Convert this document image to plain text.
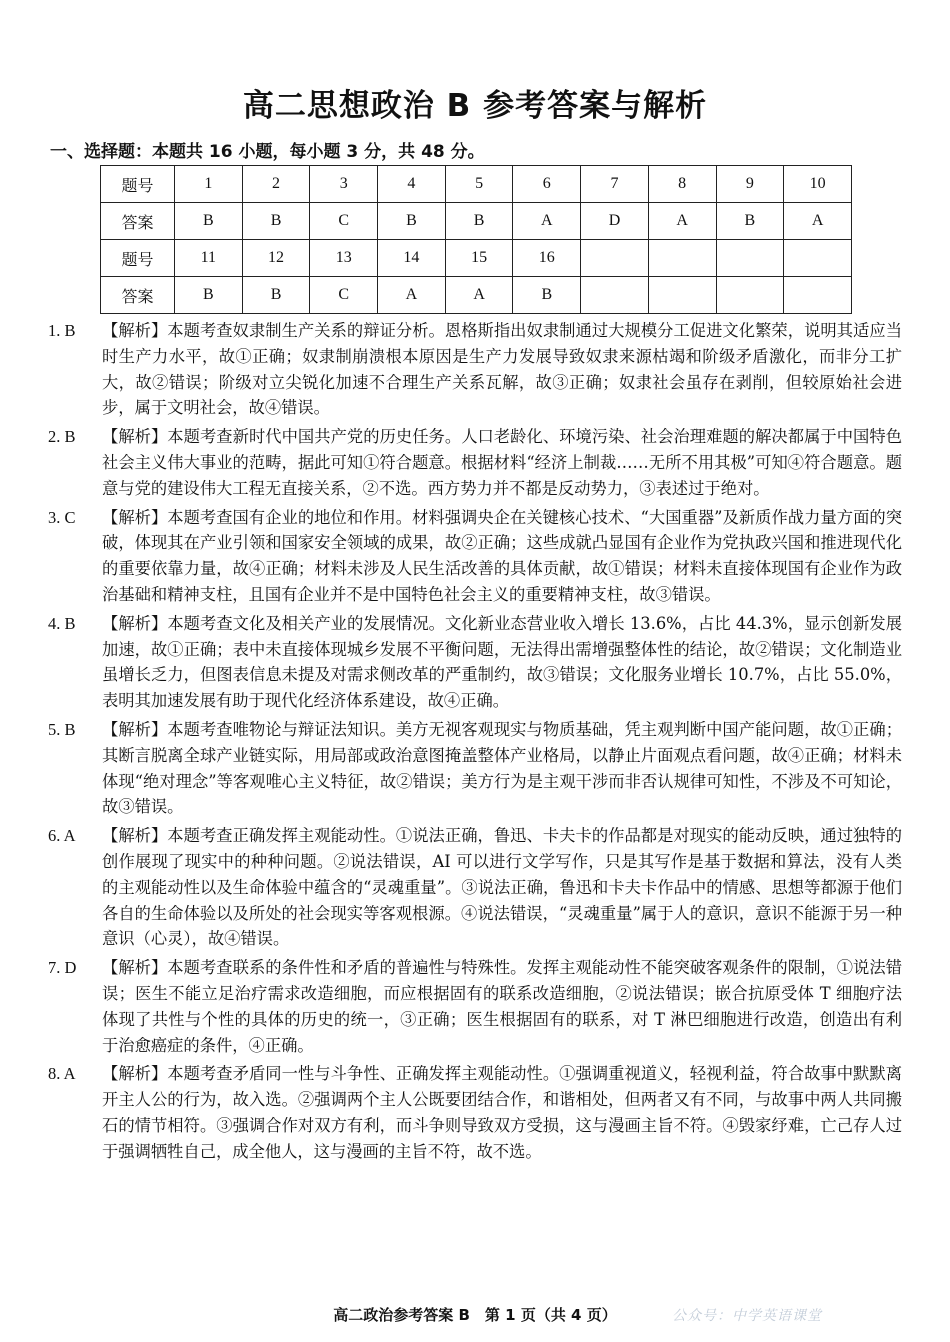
高二思想政治 B 参考答案与解析
一、选择题：本题共 16 小题，每小题 3 分，共 48 分。
题号	1	2	3	4	5	6	7	8	9	10
答案	B	B	C	B	B	A	D	A	B	A
题号	11	12	13	14	15	16				
答案	B	B	C	A	A	B				
1. B	【解析】本题考查奴隶制生产关系的辩证分析。恩格斯指出奴隶制通过大规模分工促进文化繁荣，说明其适应当时生产力水平，故①正确；奴隶制崩溃根本原因是生产力发展导致奴隶来源枯竭和阶级矛盾激化，而非分工扩大，故②错误；阶级对立尖锐化加速不合理生产关系瓦解，故③正确；奴隶社会虽存在剥削，但较原始社会进步，属于文明社会，故④错误。
2. B	【解析】本题考查新时代中国共产党的历史任务。人口老龄化、环境污染、社会治理难题的解决都属于中国特色社会主义伟大事业的范畴，据此可知①符合题意。根据材料“经济上制裁……无所不用其极”可知④符合题意。题意与党的建设伟大工程无直接关系，②不选。西方势力并不都是反动势力，③表述过于绝对。
3. C	【解析】本题考查国有企业的地位和作用。材料强调央企在关键核心技术、“大国重器”及新质作战力量方面的突破，体现其在产业引领和国家安全领域的成果，故②正确；这些成就凸显国有企业作为党执政兴国和推进现代化的重要依靠力量，故④正确；材料未涉及人民生活改善的具体贡献，故①错误；材料未直接体现国有企业作为政治基础和精神支柱，且国有企业并不是中国特色社会主义的重要精神支柱，故③错误。
4. B	【解析】本题考查文化及相关产业的发展情况。文化新业态营业收入增长 13.6%，占比 44.3%，显示创新发展加速，故①正确；表中未直接体现城乡发展不平衡问题，无法得出需增强整体性的结论，故②错误；文化制造业虽增长乏力，但图表信息未提及对需求侧改革的严重制约，故③错误；文化服务业增长 10.7%，占比 55.0%，表明其加速发展有助于现代化经济体系建设，故④正确。
5. B	【解析】本题考查唯物论与辩证法知识。美方无视客观现实与物质基础，凭主观判断中国产能问题，故①正确；其断言脱离全球产业链实际，用局部或政治意图掩盖整体产业格局，以静止片面观点看问题，故④正确；材料未体现“绝对理念”等客观唯心主义特征，故②错误；美方行为是主观干涉而非否认规律可知性，不涉及不可知论，故③错误。
6. A	【解析】本题考查正确发挥主观能动性。①说法正确，鲁迅、卡夫卡的作品都是对现实的能动反映，通过独特的创作展现了现实中的种种问题。②说法错误，AI 可以进行文学写作，只是其写作是基于数据和算法，没有人类的主观能动性以及生命体验中蕴含的“灵魂重量”。③说法正确，鲁迅和卡夫卡作品中的情感、思想等都源于他们各自的生命体验以及所处的社会现实等客观根源。④说法错误，“灵魂重量”属于人的意识，意识不能源于另一种意识（心灵），故④错误。
7. D	【解析】本题考查联系的条件性和矛盾的普遍性与特殊性。发挥主观能动性不能突破客观条件的限制，①说法错误；医生不能立足治疗需求改造细胞，而应根据固有的联系改造细胞，②说法错误；嵌合抗原受体 T 细胞疗法体现了共性与个性的具体的历史的统一，③正确；医生根据固有的联系，对 T 淋巴细胞进行改造，创造出有利于治愈癌症的条件，④正确。
8. A	【解析】本题考查矛盾同一性与斗争性、正确发挥主观能动性。①强调重视道义，轻视利益，符合故事中默默离开主人公的行为，故入选。②强调两个主人公既要团结合作，和谐相处，但两者又有不同，与故事中两人共同搬石的情节相符。③强调合作对双方有利，而斗争则导致双方受损，这与漫画主旨不符。④毁家纾难，亡己存人过于强调牺牲自己，成全他人，这与漫画的主旨不符，故不选。
高二政治参考答案 B　第 1 页（共 4 页）	公众号：中学英语课堂
